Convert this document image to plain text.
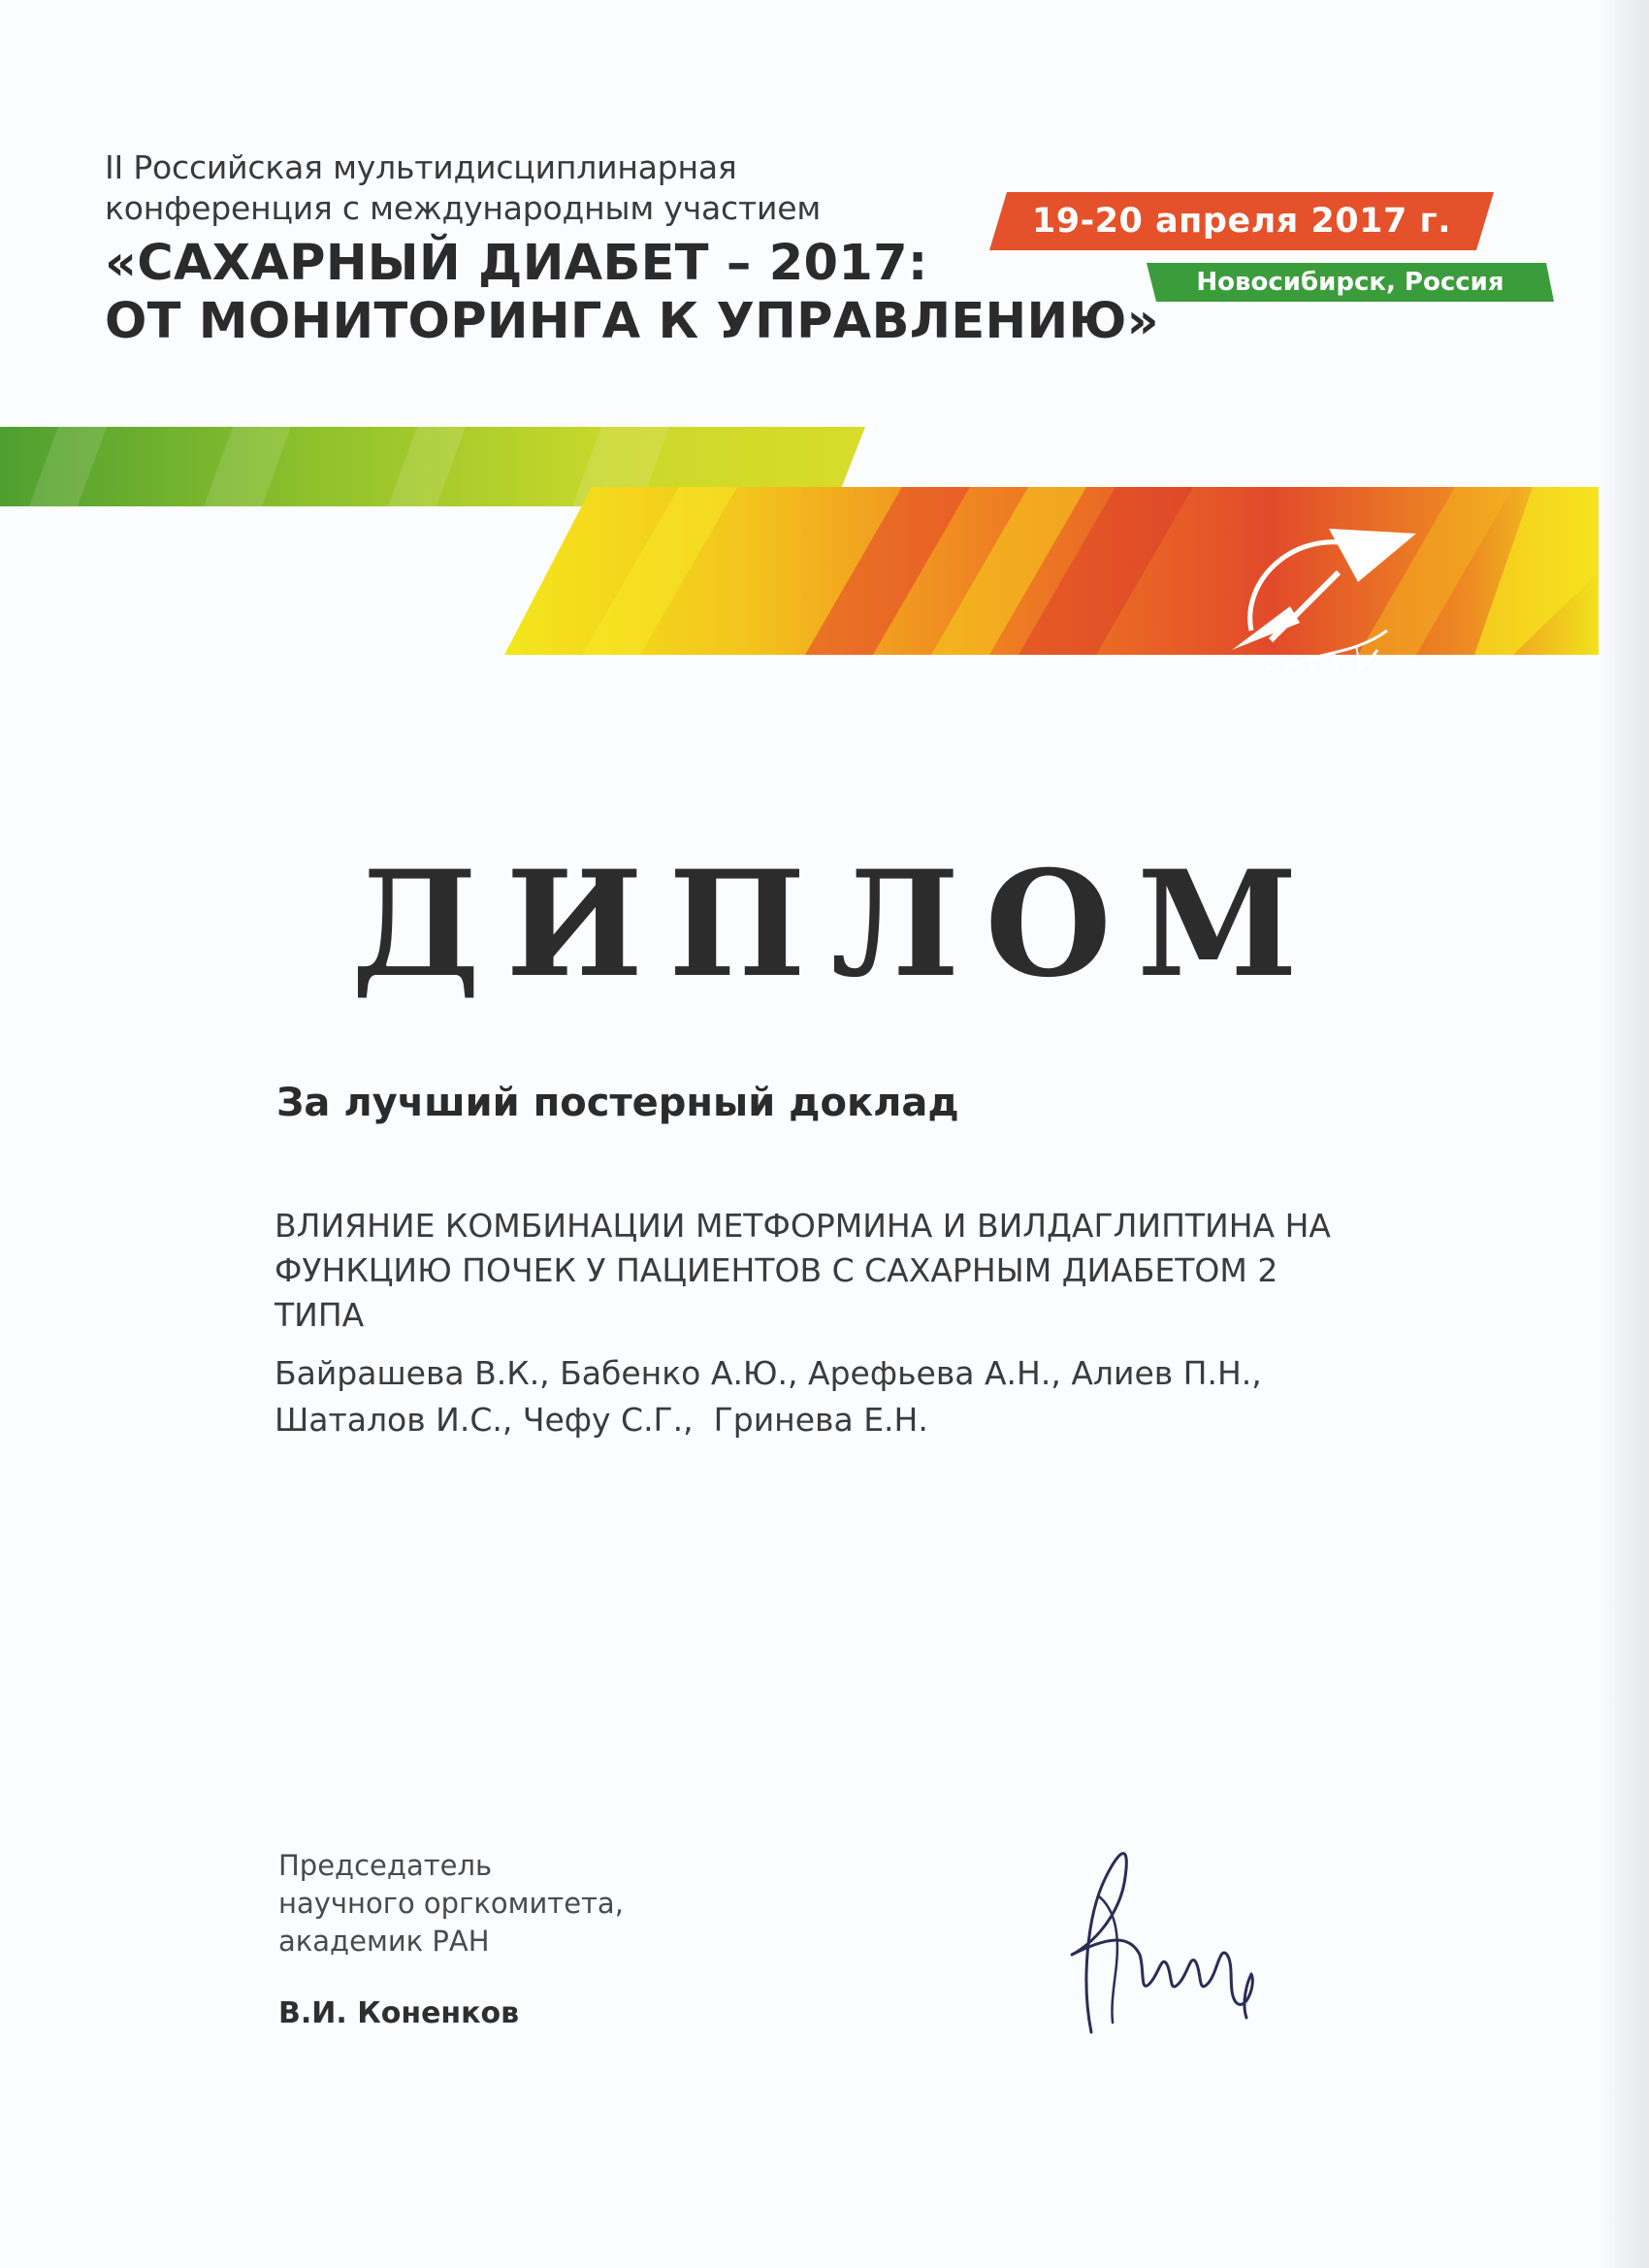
II Российская мультидисциплинарная
конференция с международным участием
«САХАРНЫЙ ДИАБЕТ – 2017:
ОТ МОНИТОРИНГА К УПРАВЛЕНИЮ»
19-20 апреля 2017 г.
Новосибирск, Россия
ДИПЛОМ
За лучший постерный доклад
ВЛИЯНИЕ КОМБИНАЦИИ МЕТФОРМИНА И ВИЛДАГЛИПТИНА НА
ФУНКЦИЮ ПОЧЕК У ПАЦИЕНТОВ С САХАРНЫМ ДИАБЕТОМ 2
ТИПА
Байрашева В.К., Бабенко А.Ю., Арефьева А.Н., Алиев П.Н.,
Шаталов И.С., Чефу С.Г.,  Гринева Е.Н.
Председатель
научного оргкомитета,
академик РАН
В.И. Коненков
